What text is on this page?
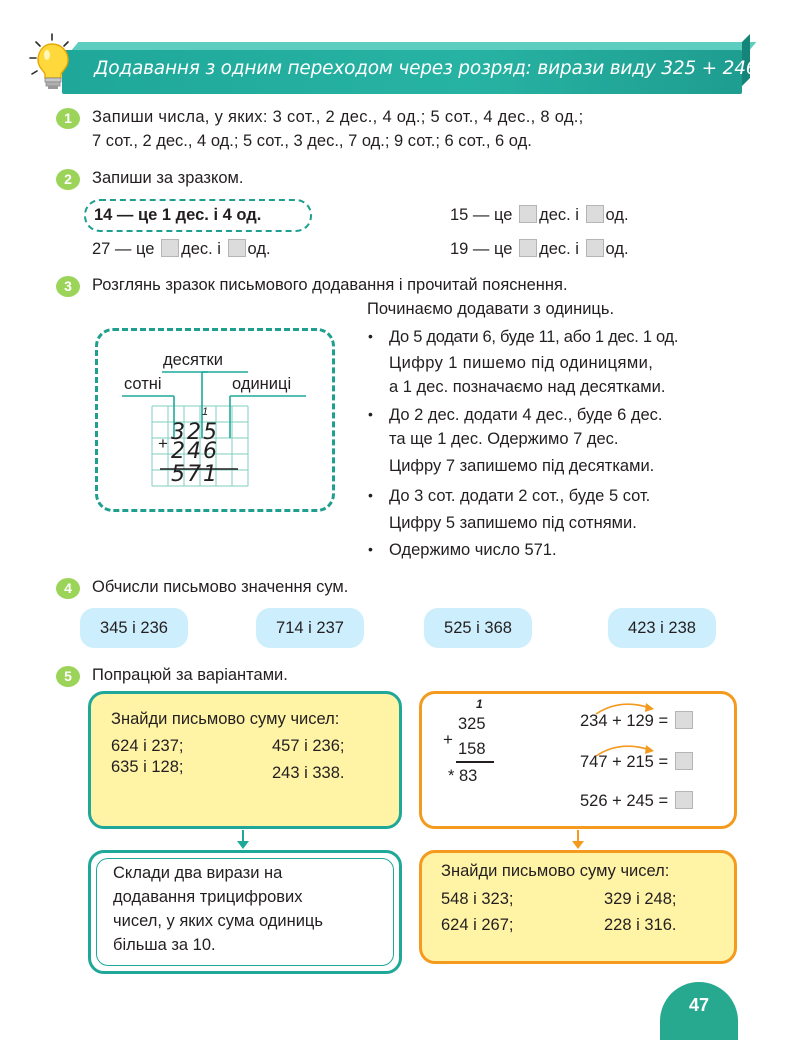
Додавання з одним переходом через розряд: вирази виду 325 + 246
1	Запиши числа, у яких: 3 сот., 2 дес., 4 од.; 5 сот., 4 дес., 8 од.;
7 сот., 2 дес., 4 од.; 5 сот., 3 дес., 7 од.; 9 сот.; 6 сот., 6 од.
2	Запиши за зразком.
14 — це 1 дес. і 4 од.	15 — це дес. і од.
27 — це дес. і од.	19 — це дес. і од.
3	Розглянь зразок письмового додавання і прочитай пояснення.
десятки
сотні	одиниці
1
+ 325
246
571
Починаємо додавати з одиниць.
• До 5 додати 6, буде 11, або 1 дес. 1 од.
Цифру 1 пишемо під одиницями,
а 1 дес. позначаємо над десятками.
• До 2 дес. додати 4 дес., буде 6 дес.
та ще 1 дес. Одержимо 7 дес.
Цифру 7 запишемо під десятками.
• До 3 сот. додати 2 сот., буде 5 сот.
Цифру 5 запишемо під сотнями.
• Одержимо число 571.
4	Обчисли письмово значення сум.
345 і 236	714 і 237	525 і 368	423 і 238
5	Попрацюй за варіантами.
Знайди письмово суму чисел:
624 і 237;	457 і 236;
635 і 128;	243 і 338.
Склади два вирази на
додавання трицифрових
чисел, у яких сума одиниць
більша за 10.
1
+
325
158
* 83
234 + 129 =
747 + 215 =
526 + 245 =
Знайди письмово суму чисел:
548 і 323;	329 і 248;
624 і 267;	228 і 316.
47
